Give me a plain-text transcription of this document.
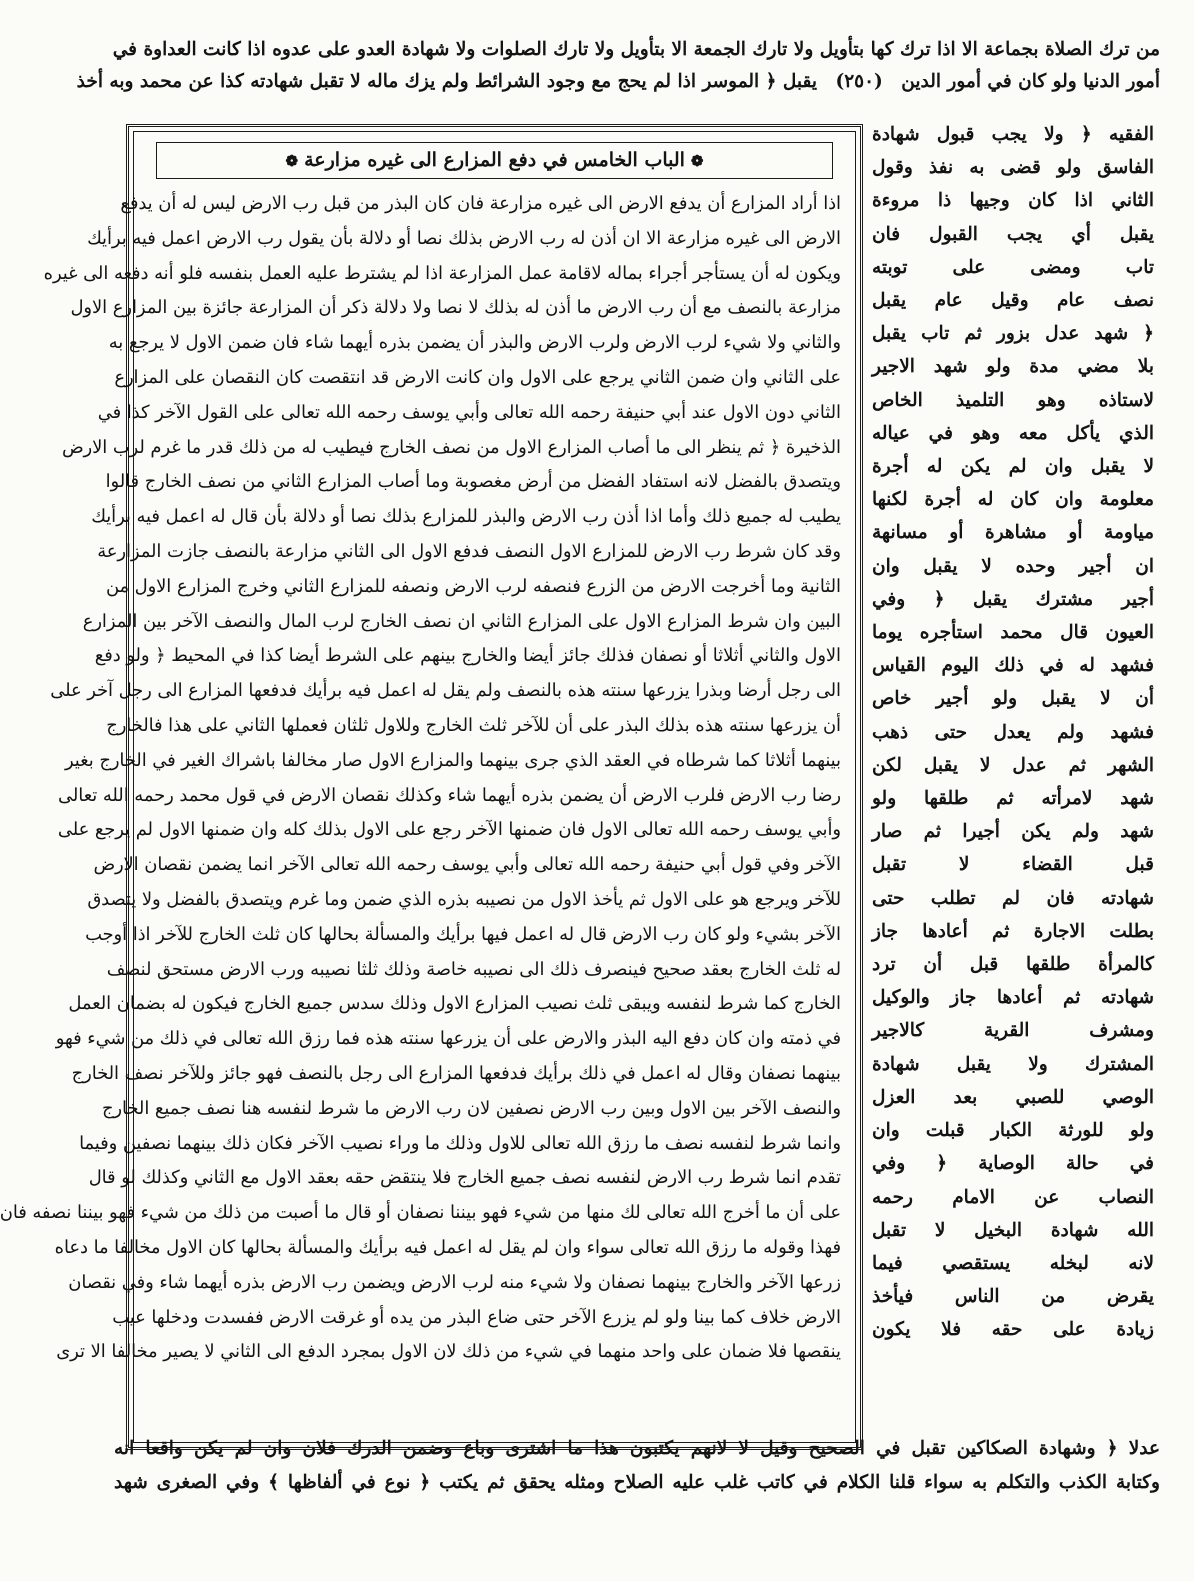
من ترك الصلاة بجماعة الا اذا ترك كها بتأويل ولا تارك الجمعة الا بتأويل ولا تارك الصلوات ولا شهادة العدو على عدوه اذا كانت العداوة في
أمور الدنيا ولو كان في أمور الدين (٢٥٠) يقبل ﴿ الموسر اذا لم يحج مع وجود الشرائط ولم يزك ماله لا تقبل شهادته كذا عن محمد وبه أخذ
❁الباب الخامس في دفع المزارع الى غيره مزارعة❁
اذا أراد المزارع أن يدفع الارض الى غيره مزارعة فان كان البذر من قبل رب الارض ليس له أن يدفع
الارض الى غيره مزارعة الا ان أذن له رب الارض بذلك نصا أو دلالة بأن يقول رب الارض اعمل فيه برأيك
ويكون له أن يستأجر أجراء بماله لاقامة عمل المزارعة اذا لم يشترط عليه العمل بنفسه فلو أنه دفعه الى غيره
مزارعة بالنصف مع أن رب الارض ما أذن له بذلك لا نصا ولا دلالة ذكر أن المزارعة جائزة بين المزارع الاول
والثاني ولا شيء لرب الارض ولرب الارض والبذر أن يضمن بذره أيهما شاء فان ضمن الاول لا يرجع به
على الثاني وان ضمن الثاني يرجع على الاول وان كانت الارض قد انتقصت كان النقصان على المزارع
الثاني دون الاول عند أبي حنيفة رحمه الله تعالى وأبي يوسف رحمه الله تعالى على القول الآخر كذا في
الذخيرة ﴿ ثم ينظر الى ما أصاب المزارع الاول من نصف الخارج فيطيب له من ذلك قدر ما غرم لرب الارض
ويتصدق بالفضل لانه استفاد الفضل من أرض مغصوبة وما أصاب المزارع الثاني من نصف الخارج قالوا
يطيب له جميع ذلك وأما اذا أذن رب الارض والبذر للمزارع بذلك نصا أو دلالة بأن قال له اعمل فيه برأيك
وقد كان شرط رب الارض للمزارع الاول النصف فدفع الاول الى الثاني مزارعة بالنصف جازت المزارعة
الثانية وما أخرجت الارض من الزرع فنصفه لرب الارض ونصفه للمزارع الثاني وخرج المزارع الاول من
البين وان شرط المزارع الاول على المزارع الثاني ان نصف الخارج لرب المال والنصف الآخر بين المزارع
الاول والثاني أثلاثا أو نصفان فذلك جائز أيضا والخارج بينهم على الشرط أيضا كذا في المحيط ﴿ ولو دفع
الى رجل أرضا وبذرا يزرعها سنته هذه بالنصف ولم يقل له اعمل فيه برأيك فدفعها المزارع الى رجل آخر على
أن يزرعها سنته هذه بذلك البذر على أن للآخر ثلث الخارج وللاول ثلثان فعملها الثاني على هذا فالخارج
بينهما أثلاثا كما شرطاه في العقد الذي جرى بينهما والمزارع الاول صار مخالفا باشراك الغير في الخارج بغير
رضا رب الارض فلرب الارض أن يضمن بذره أيهما شاء وكذلك نقصان الارض في قول محمد رحمه الله تعالى
وأبي يوسف رحمه الله تعالى الاول فان ضمنها الآخر رجع على الاول بذلك كله وان ضمنها الاول لم يرجع على
الآخر وفي قول أبي حنيفة رحمه الله تعالى وأبي يوسف رحمه الله تعالى الآخر انما يضمن نقصان الارض
للآخر ويرجع هو على الاول ثم يأخذ الاول من نصيبه بذره الذي ضمن وما غرم ويتصدق بالفضل ولا يتصدق
الآخر بشيء ولو كان رب الارض قال له اعمل فيها برأيك والمسألة بحالها كان ثلث الخارج للآخر اذا أوجب
له ثلث الخارج بعقد صحيح فينصرف ذلك الى نصيبه خاصة وذلك ثلثا نصيبه ورب الارض مستحق لنصف
الخارج كما شرط لنفسه ويبقى ثلث نصيب المزارع الاول وذلك سدس جميع الخارج فيكون له بضمان العمل
في ذمته وان كان دفع اليه البذر والارض على أن يزرعها سنته هذه فما رزق الله تعالى في ذلك من شيء فهو
بينهما نصفان وقال له اعمل في ذلك برأيك فدفعها المزارع الى رجل بالنصف فهو جائز وللآخر نصف الخارج
والنصف الآخر بين الاول وبين رب الارض نصفين لان رب الارض ما شرط لنفسه هنا نصف جميع الخارج
وانما شرط لنفسه نصف ما رزق الله تعالى للاول وذلك ما وراء نصيب الآخر فكان ذلك بينهما نصفين وفيما
تقدم انما شرط رب الارض لنفسه نصف جميع الخارج فلا ينتقض حقه بعقد الاول مع الثاني وكذلك لو قال
على أن ما أخرج الله تعالى لك منها من شيء فهو بيننا نصفان أو قال ما أصبت من ذلك من شيء فهو بيننا نصفه فان
فهذا وقوله ما رزق الله تعالى سواء وان لم يقل له اعمل فيه برأيك والمسألة بحالها كان الاول مخالفا ما دعاه
زرعها الآخر والخارج بينهما نصفان ولا شيء منه لرب الارض ويضمن رب الارض بذره أيهما شاء وفي نقصان
الارض خلاف كما بينا ولو لم يزرع الآخر حتى ضاع البذر من يده أو غرقت الارض ففسدت ودخلها عيب
ينقصها فلا ضمان على واحد منهما في شيء من ذلك لان الاول بمجرد الدفع الى الثاني لا يصير مخالفا الا ترى
الفقيه ﴿ ولا يجب قبول شهادة
الفاسق ولو قضى به نفذ وقول
الثاني اذا كان وجيها ذا مروءة
يقبل أي يجب القبول فان
تاب ومضى على توبته
نصف عام وقيل عام يقبل
﴿ شهد عدل بزور ثم تاب يقبل
بلا مضي مدة ولو شهد الاجير
لاستاذه وهو التلميذ الخاص
الذي يأكل معه وهو في عياله
لا يقبل وان لم يكن له أجرة
معلومة وان كان له أجرة لكنها
مياومة أو مشاهرة أو مسانهة
ان أجير وحده لا يقبل وان
أجير مشترك يقبل ﴿ وفي
العيون قال محمد استأجره يوما
فشهد له في ذلك اليوم القياس
أن لا يقبل ولو أجير خاص
فشهد ولم يعدل حتى ذهب
الشهر ثم عدل لا يقبل لكن
شهد لامرأته ثم طلقها ولو
شهد ولم يكن أجيرا ثم صار
قبل القضاء لا تقبل
شهادته فان لم تطلب حتى
بطلت الاجارة ثم أعادها جاز
كالمرأة طلقها قبل أن ترد
شهادته ثم أعادها جاز والوكيل
ومشرف القرية كالاجير
المشترك ولا يقبل شهادة
الوصي للصبي بعد العزل
ولو للورثة الكبار قبلت وان
في حالة الوصاية ﴿ وفي
النصاب عن الامام رحمه
الله شهادة البخيل لا تقبل
لانه لبخله يستقصي فيما
يقرض من الناس فيأخذ
زيادة على حقه فلا يكون
عدلا ﴿ وشهادة الصكاكين تقبل في الصحيح وقيل لا لانهم يكتبون هذا ما اشترى وباع وضمن الدرك فلان وان لم يكن واقعا انه
وكتابة الكذب والتكلم به سواء قلنا الكلام في كاتب غلب عليه الصلاح ومثله يحقق ثم يكتب ﴿ نوع في ألفاظها ﴾ وفي الصغرى شهد
